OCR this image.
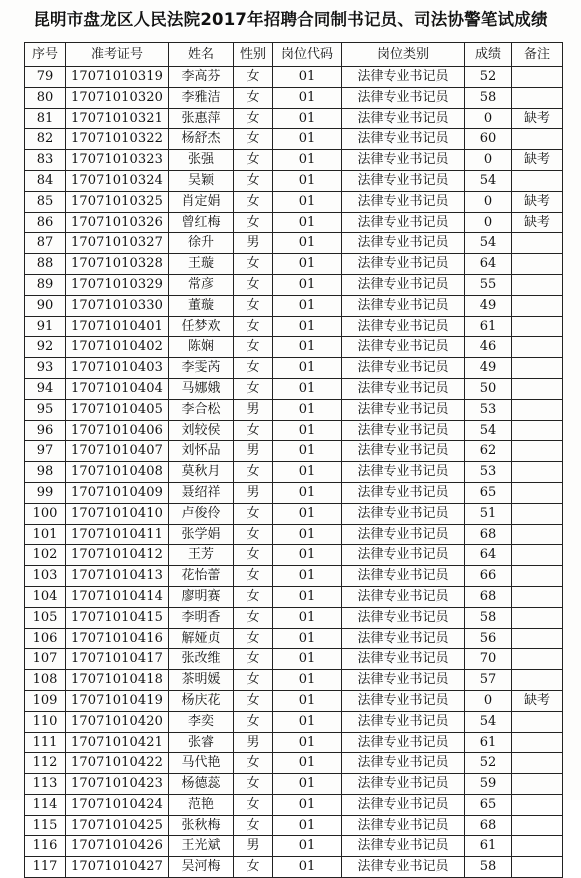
昆明市盘龙区人民法院2017年招聘合同制书记员、司法协警笔试成绩
序号	准考证号	姓名	性别	岗位代码	岗位类别	成绩	备注
79	17071010319	李高芬	女	01	法律专业书记员	52	
80	17071010320	李雅洁	女	01	法律专业书记员	58	
81	17071010321	张惠萍	女	01	法律专业书记员	0	缺考
82	17071010322	杨舒杰	女	01	法律专业书记员	60	
83	17071010323	张强	女	01	法律专业书记员	0	缺考
84	17071010324	吴颖	女	01	法律专业书记员	54	
85	17071010325	肖定娟	女	01	法律专业书记员	0	缺考
86	17071010326	曾红梅	女	01	法律专业书记员	0	缺考
87	17071010327	徐升	男	01	法律专业书记员	54	
88	17071010328	王璇	女	01	法律专业书记员	64	
89	17071010329	常彦	女	01	法律专业书记员	55	
90	17071010330	董璇	女	01	法律专业书记员	49	
91	17071010401	任梦欢	女	01	法律专业书记员	61	
92	17071010402	陈娴	女	01	法律专业书记员	46	
93	17071010403	李雯芮	女	01	法律专业书记员	49	
94	17071010404	马娜娥	女	01	法律专业书记员	50	
95	17071010405	李合松	男	01	法律专业书记员	53	
96	17071010406	刘较侯	女	01	法律专业书记员	54	
97	17071010407	刘怀品	男	01	法律专业书记员	62	
98	17071010408	莫秋月	女	01	法律专业书记员	53	
99	17071010409	聂绍祥	男	01	法律专业书记员	65	
100	17071010410	卢俊伶	女	01	法律专业书记员	51	
101	17071010411	张学娟	女	01	法律专业书记员	68	
102	17071010412	王芳	女	01	法律专业书记员	64	
103	17071010413	花怡蕾	女	01	法律专业书记员	66	
104	17071010414	廖明赛	女	01	法律专业书记员	68	
105	17071010415	李明香	女	01	法律专业书记员	58	
106	17071010416	解娅贞	女	01	法律专业书记员	56	
107	17071010417	张改维	女	01	法律专业书记员	70	
108	17071010418	茶明媛	女	01	法律专业书记员	57	
109	17071010419	杨庆花	女	01	法律专业书记员	0	缺考
110	17071010420	李奕	女	01	法律专业书记员	54	
111	17071010421	张睿	男	01	法律专业书记员	61	
112	17071010422	马代艳	女	01	法律专业书记员	52	
113	17071010423	杨德蕊	女	01	法律专业书记员	59	
114	17071010424	范艳	女	01	法律专业书记员	65	
115	17071010425	张秋梅	女	01	法律专业书记员	68	
116	17071010426	王光斌	男	01	法律专业书记员	61	
117	17071010427	吴河梅	女	01	法律专业书记员	58	
